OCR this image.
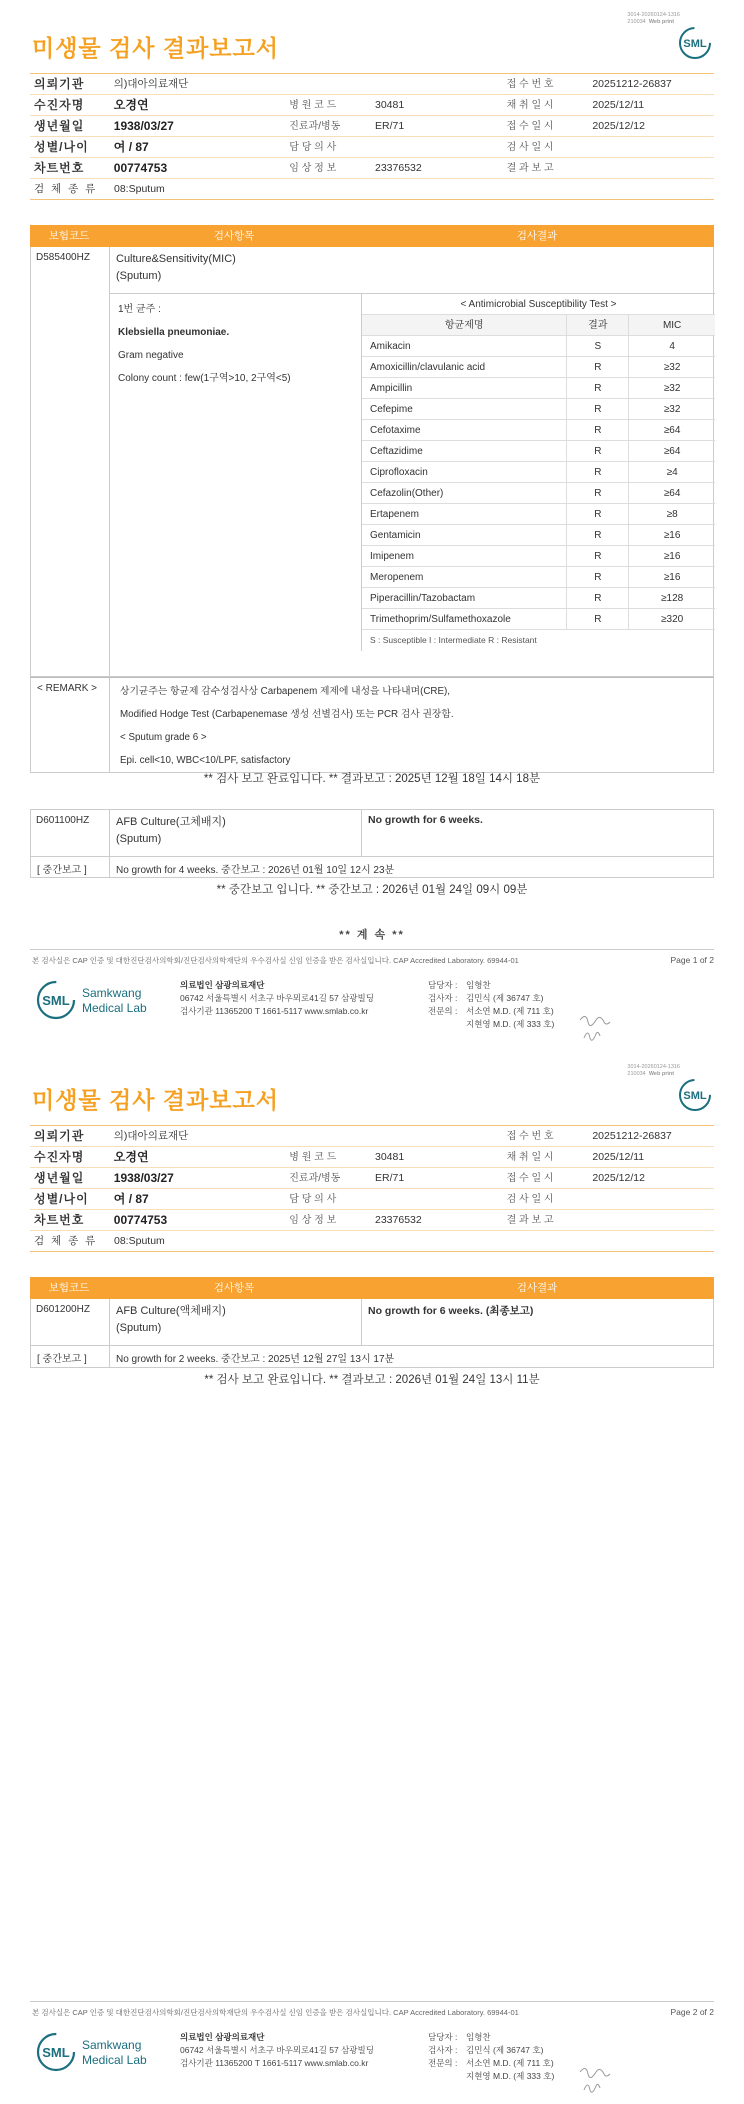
3014-20260124-1316
210034 Web print
미생물 검사 결과보고서	SML
의뢰기관	의)대아의료재단	접 수 번 호	20251212-26837
수진자명	오경연	병 원 코 드	30481	채 취 일 시	2025/12/11
생년월일	1938/03/27	진료과/병동	ER/71	접 수 일 시	2025/12/12
성별/나이	여 / 87	담 당 의 사	검 사 일 시
차트번호	00774753	임 상 정 보	23376532	결 과 보 고
검 체 종 류	08:Sputum
보험코드	검사항목	검사결과
D585400HZ	Culture&Sensitivity(MIC)
(Sputum)
1번 균주 :
Klebsiella pneumoniae.
Gram negative
Colony count : few(1구역>10, 2구역<5)
< Antimicrobial Susceptibility Test >
항균제명	결과	MIC
Amikacin	S	4
Amoxicillin/clavulanic acid	R	≥32
Ampicillin	R	≥32
Cefepime	R	≥32
Cefotaxime	R	≥64
Ceftazidime	R	≥64
Ciprofloxacin	R	≥4
Cefazolin(Other)	R	≥64
Ertapenem	R	≥8
Gentamicin	R	≥16
Imipenem	R	≥16
Meropenem	R	≥16
Piperacillin/Tazobactam	R	≥128
Trimethoprim/Sulfamethoxazole	R	≥320
S : Susceptible I : Intermediate R : Resistant
< REMARK >	상기균주는 항균제 감수성검사상 Carbapenem 제제에 내성을 나타내며(CRE),
Modified Hodge Test (Carbapenemase 생성 선별검사) 또는 PCR 검사 권장함.
< Sputum grade 6 >
Epi. cell<10, WBC<10/LPF, satisfactory
** 검사 보고 완료입니다. ** 결과보고 : 2025년 12월 18일 14시 18분
D601100HZ	AFB Culture(고체배지)
(Sputum)
No growth for 6 weeks.
[ 중간보고 ]	No growth for 4 weeks. 중간보고 : 2026년 01월 10일 12시 23분
** 중간보고 입니다. ** 중간보고 : 2026년 01월 24일 09시 09분
** 계 속 **
본 검사실은 CAP 인증 및 대한진단검사의학회/진단검사의학재단의 우수검사실 신임 인증을 받은 검사실입니다. CAP Accredited Laboratory. 69944-01	Page 1 of 2
SML Samkwang
Medical Lab
의료법인 삼광의료재단
06742 서울특별시 서초구 바우뫼로41길 57 삼광빌딩
검사기관 11365200 T 1661-5117 www.smlab.co.kr
담당자 :	임형찬
검사자 :	김민식 (제 36747 호)
전문의 :	서소연 M.D. (제 711 호)
지현영 M.D. (제 333 호)
3014-20260124-1316
210034 Web print
미생물 검사 결과보고서	SML
의뢰기관	의)대아의료재단	접 수 번 호	20251212-26837
수진자명	오경연	병 원 코 드	30481	채 취 일 시	2025/12/11
생년월일	1938/03/27	진료과/병동	ER/71	접 수 일 시	2025/12/12
성별/나이	여 / 87	담 당 의 사	검 사 일 시
차트번호	00774753	임 상 정 보	23376532	결 과 보 고
검 체 종 류	08:Sputum
보험코드	검사항목	검사결과
D601200HZ	AFB Culture(액체배지)
(Sputum)
No growth for 6 weeks. (최종보고)
[ 중간보고 ]	No growth for 2 weeks. 중간보고 : 2025년 12월 27일 13시 17분
** 검사 보고 완료입니다. ** 결과보고 : 2026년 01월 24일 13시 11분
본 검사실은 CAP 인증 및 대한진단검사의학회/진단검사의학재단의 우수검사실 신임 인증을 받은 검사실입니다. CAP Accredited Laboratory. 69944-01	Page 2 of 2
SML Samkwang
Medical Lab
의료법인 삼광의료재단
06742 서울특별시 서초구 바우뫼로41길 57 삼광빌딩
검사기관 11365200 T 1661-5117 www.smlab.co.kr
담당자 :	임형찬
검사자 :	김민식 (제 36747 호)
전문의 :	서소연 M.D. (제 711 호)
지현영 M.D. (제 333 호)
